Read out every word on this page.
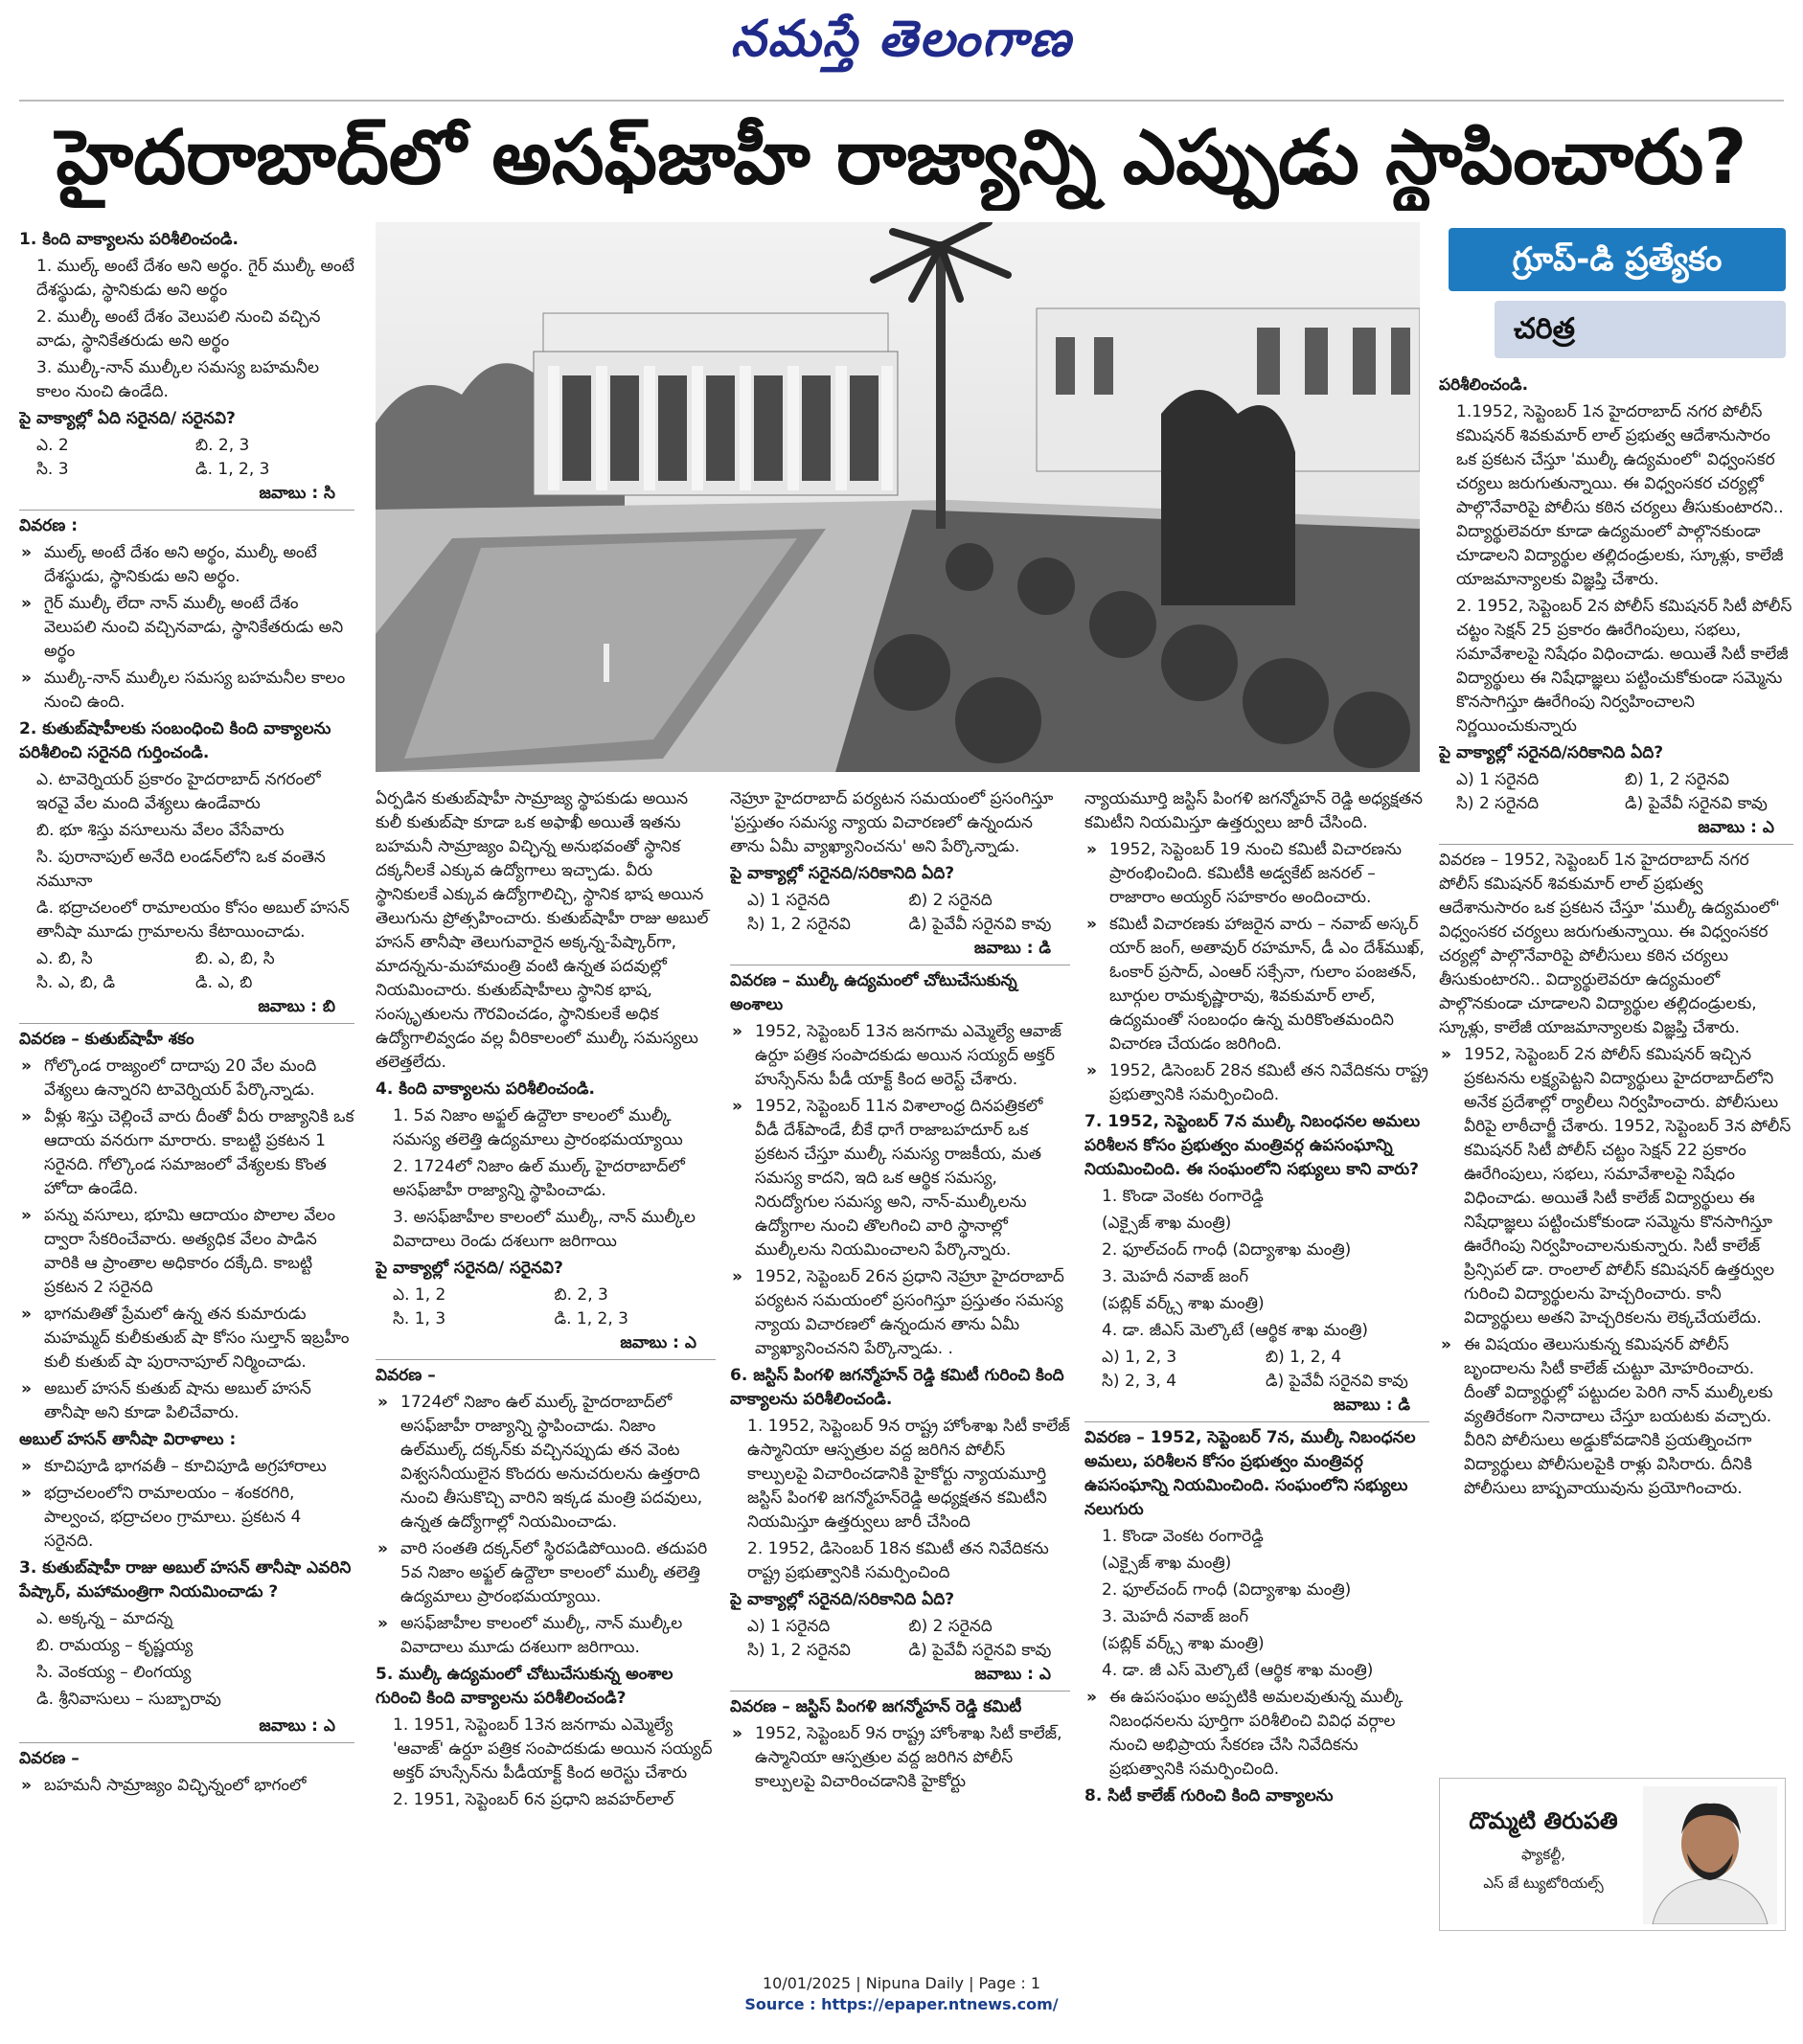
నమస్తే తెలంగాణ
హైదరాబాద్‌లో అసఫ్‌జాహీ రాజ్యాన్ని ఎప్పుడు స్థాపించారు?

1. కింది వాక్యాలను పరిశీలించండి.

1. ముల్క్ అంటే దేశం అని అర్థం. గైర్ ముల్కీ అంటే దేశస్థుడు, స్థానికుడు అని అర్థం

2. ముల్కీ అంటే దేశం వెలుపలి నుంచి వచ్చిన వాడు, స్థానికేతరుడు అని అర్థం

3. ముల్కీ-నాన్ ముల్కీల సమస్య బహమనీల కాలం నుంచి ఉండేది.

పై వాక్యాల్లో ఏది సరైనది/ సరైనవి?

ఎ. 2	బి. 2, 3
సి. 3	డి. 1, 2, 3

జవాబు : సి

వివరణ :

» ముల్క్ అంటే దేశం అని అర్థం, ముల్కీ అంటే దేశస్థుడు, స్థానికుడు అని అర్థం.

» గైర్ ముల్కీ లేదా నాన్ ముల్కీ అంటే దేశం వెలుపలి నుంచి వచ్చినవాడు, స్థానికేతరుడు అని అర్థం

» ముల్కీ-నాన్ ముల్కీల సమస్య బహమనీల కాలం నుంచి ఉంది.

2. కుతుబ్‌షాహీలకు సంబంధించి కింది వాక్యాలను పరిశీలించి సరైనది గుర్తించండి.

ఎ. టావెర్నియర్ ప్రకారం హైదరాబాద్ నగరంలో ఇరవై వేల మంది వేశ్యలు ఉండేవారు

బి. భూ శిస్తు వసూలును వేలం వేసేవారు

సి. పురానాపుల్ అనేది లండన్‌లోని ఒక వంతెన నమూనా

డి. భద్రాచలంలో రామాలయం కోసం అబుల్ హసన్ తానీషా మూడు గ్రామాలను కేటాయించాడు.

ఎ. బి, సి	బి. ఎ, బి, సి
సి. ఎ, బి, డి	డి. ఎ, బి

జవాబు : బి

వివరణ – కుతుబ్‌షాహీ శకం

» గోల్కొండ రాజ్యంలో దాదాపు 20 వేల మంది వేశ్యలు ఉన్నారని టావెర్నియర్ పేర్కొన్నాడు.

» వీళ్లు శిస్తు చెల్లించే వారు దీంతో వీరు రాజ్యానికి ఒక ఆదాయ వనరుగా మారారు. కాబట్టి ప్రకటన 1 సరైనది. గోల్కొండ సమాజంలో వేశ్యలకు కొంత హోదా ఉండేది.

» పన్ను వసూలు, భూమి ఆదాయం పొలాల వేలం ద్వారా సేకరించేవారు. అత్యధిక వేలం పాడిన వారికి ఆ ప్రాంతాల అధికారం దక్కేది. కాబట్టి ప్రకటన 2 సరైనది

» భాగమతితో ప్రేమలో ఉన్న తన కుమారుడు మహమ్మద్ కులీకుతుబ్ షా కోసం సుల్తాన్ ఇబ్రహీం కులీ కుతుబ్ షా పురానాపూల్ నిర్మించాడు.

» అబుల్ హసన్ కుతుబ్ షాను అబుల్ హసన్ తానీషా అని కూడా పిలిచేవారు.

అబుల్ హసన్ తానీషా విరాళాలు :

» కూచిపూడి భాగవతీ – కూచిపూడి అగ్రహారాలు

» భద్రాచలంలోని రామాలయం – శంకరగిరి, పాల్వంచ, భద్రాచలం గ్రామాలు. ప్రకటన 4 సరైనది.

3. కుతుబ్‌షాహీ రాజు అబుల్ హసన్ తానీషా ఎవరిని పేష్కార్, మహామంత్రిగా నియమించాడు ?

ఎ. అక్కన్న – మాదన్న

బి. రామయ్య – కృష్ణయ్య

సి. వెంకయ్య – లింగయ్య

డి. శ్రీనివాసులు – సుబ్బారావు

జవాబు : ఎ

వివరణ –

» బహమనీ సామ్రాజ్యం విచ్ఛిన్నంలో భాగంలో

ఏర్పడిన కుతుబ్‌షాహీ సామ్రాజ్య స్థాపకుడు అయిన కులీ కుతుబ్‌షా కూడా ఒక అఫాఖీ అయితే ఇతను బహమనీ సామ్రాజ్యం విచ్ఛిన్న అనుభవంతో స్థానిక దక్కనీలకే ఎక్కువ ఉద్యోగాలు ఇచ్చాడు. వీరు స్థానికులకే ఎక్కువ ఉద్యోగాలిచ్చి, స్థానిక భాష అయిన తెలుగును ప్రోత్సహించారు. కుతుబ్‌షాహీ రాజు అబుల్ హసన్ తానీషా తెలుగువారైన అక్కన్న-పేష్కార్‌గా, మాదన్నను-మహామంత్రి వంటి ఉన్నత పదవుల్లో నియమించారు. కుతుబ్‌షాహీలు స్థానిక భాష, సంస్కృతులను గౌరవించడం, స్థానికులకే అధిక ఉద్యోగాలివ్వడం వల్ల వీరికాలంలో ముల్కీ సమస్యలు తలెత్తలేదు.

4. కింది వాక్యాలను పరిశీలించండి.

1. 5వ నిజాం అఫ్జల్ ఉద్దౌలా కాలంలో ముల్కీ సమస్య తలెత్తి ఉద్యమాలు ప్రారంభమయ్యాయి

2. 1724లో నిజాం ఉల్ ముల్క్ హైదరాబాద్‌లో అసఫ్‌జాహీ రాజ్యాన్ని స్థాపించాడు.

3. అసఫ్‌జాహీల కాలంలో ముల్కీ, నాన్ ముల్కీల వివాదాలు రెండు దశలుగా జరిగాయి

పై వాక్యాల్లో సరైనది/ సరైనవి?

ఎ. 1, 2	బి. 2, 3
సి. 1, 3	డి. 1, 2, 3

జవాబు : ఎ

వివరణ –

» 1724లో నిజాం ఉల్ ముల్క్ హైదరాబాద్‌లో అసఫ్‌జాహీ రాజ్యాన్ని స్థాపించాడు. నిజాం ఉల్‌ముల్క్ దక్కన్‌కు వచ్చినప్పుడు తన వెంట విశ్వసనీయులైన కొందరు అనుచరులను ఉత్తరాది నుంచి తీసుకొచ్చి వారిని ఇక్కడ మంత్రి పదవులు, ఉన్నత ఉద్యోగాల్లో నియమించాడు.

» వారి సంతతి దక్కన్‌లో స్థిరపడిపోయింది. తదుపరి 5వ నిజాం అఫ్జల్ ఉద్దౌలా కాలంలో ముల్కీ తలెత్తి ఉద్యమాలు ప్రారంభమయ్యాయి.

» అసఫ్‌జాహీల కాలంలో ముల్కీ, నాన్ ముల్కీల వివాదాలు మూడు దశలుగా జరిగాయి.

5. ముల్కీ ఉద్యమంలో చోటుచేసుకున్న అంశాల గురించి కింది వాక్యాలను పరిశీలించండి?

1. 1951, సెప్టెంబర్ 13న జనగామ ఎమ్మెల్యే 'ఆవాజ్' ఉర్దూ పత్రిక సంపాదకుడు అయిన సయ్యద్ అక్తర్ హుస్సేన్‌ను పీడీయాక్ట్ కింద అరెస్టు చేశారు

2. 1951, సెప్టెంబర్ 6న ప్రధాని జవహర్‌లాల్

నెహ్రూ హైదరాబాద్ పర్యటన సమయంలో ప్రసంగిస్తూ 'ప్రస్తుతం సమస్య న్యాయ విచారణలో ఉన్నందున తాను ఏమీ వ్యాఖ్యానించను' అని పేర్కొన్నాడు.

పై వాక్యాల్లో సరైనది/సరికానిది ఏది?

ఎ) 1 సరైనది	బి) 2 సరైనది
సి) 1, 2 సరైనవి	డి) పైవేవీ సరైనవి కావు

జవాబు : డి

వివరణ – ముల్కీ ఉద్యమంలో చోటుచేసుకున్న అంశాలు

» 1952, సెప్టెంబర్ 13న జనగామ ఎమ్మెల్యే ఆవాజ్ ఉర్దూ పత్రిక సంపాదకుడు అయిన సయ్యద్ అక్తర్ హుస్సేన్‌ను పీడీ యాక్ట్ కింద అరెస్ట్ చేశారు.

» 1952, సెప్టెంబర్ 11న విశాలాంధ్ర దినపత్రికలో వీడీ దేశ్‌పాండే, బీకే ధాగే రాజాబహదూర్ ఒక ప్రకటన చేస్తూ ముల్కీ సమస్య రాజకీయ, మత సమస్య కాదని, ఇది ఒక ఆర్థిక సమస్య, నిరుద్యోగుల సమస్య అని, నాన్-ముల్కీలను ఉద్యోగాల నుంచి తొలగించి వారి స్థానాల్లో ముల్కీలను నియమించాలని పేర్కొన్నారు.

» 1952, సెప్టెంబర్ 26న ప్రధాని నెహ్రూ హైదరాబాద్ పర్యటన సమయంలో ప్రసంగిస్తూ ప్రస్తుతం సమస్య న్యాయ విచారణలో ఉన్నందున తాను ఏమీ వ్యాఖ్యానించనని పేర్కొన్నాడు. .

6. జస్టిస్ పింగళి జగన్మోహన్ రెడ్డి కమిటీ గురించి కింది వాక్యాలను పరిశీలించండి.

1. 1952, సెప్టెంబర్ 9న రాష్ట్ర హోంశాఖ సిటీ కాలేజ్ ఉస్మానియా ఆస్పత్రుల వద్ద జరిగిన పోలీస్ కాల్పులపై విచారించడానికి హైకోర్టు న్యాయమూర్తి జస్టిస్ పింగళి జగన్మోహన్‌రెడ్డి అధ్యక్షతన కమిటీని నియమిస్తూ ఉత్తర్వులు జారీ చేసింది

2. 1952, డిసెంబర్ 18న కమిటీ తన నివేదికను రాష్ట్ర ప్రభుత్వానికి సమర్పించింది

పై వాక్యాల్లో సరైనది/సరికానిది ఏది?

ఎ) 1 సరైనది	బి) 2 సరైనది
సి) 1, 2 సరైనవి	డి) పైవేవీ సరైనవి కావు

జవాబు : ఎ

వివరణ – జస్టిస్ పింగళి జగన్మోహన్ రెడ్డి కమిటీ

» 1952, సెప్టెంబర్ 9న రాష్ట్ర హోంశాఖ సిటీ కాలేజ్, ఉస్మానియా ఆస్పత్రుల వద్ద జరిగిన పోలీస్ కాల్పులపై విచారించడానికి హైకోర్టు

న్యాయమూర్తి జస్టిస్ పింగళి జగన్మోహన్ రెడ్డి అధ్యక్షతన కమిటీని నియమిస్తూ ఉత్తర్వులు జారీ చేసింది.

» 1952, సెప్టెంబర్ 19 నుంచి కమిటీ విచారణను ప్రారంభించింది. కమిటీకి అడ్వకేట్ జనరల్ – రాజారాం అయ్యర్ సహకారం అందించారు.

» కమిటీ విచారణకు హాజరైన వారు – నవాబ్ అస్కర్ యార్ జంగ్, అతావుర్ రహమాన్, డీ ఎం దేశ్‌ముఖ్, ఓంకార్ ప్రసాద్, ఎంఆర్ సక్సేనా, గులాం పంజతన్, బూర్గుల రామకృష్ణారావు, శివకుమార్ లాల్, ఉద్యమంతో సంబంధం ఉన్న మరికొంతమందిని విచారణ చేయడం జరిగింది.

» 1952, డిసెంబర్ 28న కమిటీ తన నివేదికను రాష్ట్ర ప్రభుత్వానికి సమర్పించింది.

7. 1952, సెప్టెంబర్ 7న ముల్కీ నిబంధనల అమలు పరిశీలన కోసం ప్రభుత్వం మంత్రివర్గ ఉపసంఘాన్ని నియమించింది. ఈ సంఘంలోని సభ్యులు కాని వారు?

1. కొండా వెంకట రంగారెడ్డి

(ఎక్సైజ్ శాఖ మంత్రి)

2. ఫూల్‌చంద్ గాంధీ (విద్యాశాఖ మంత్రి)

3. మెహదీ నవాజ్ జంగ్

(పబ్లిక్ వర్క్స్ శాఖ మంత్రి)

4. డా. జీఎస్ మెల్కొటే (ఆర్థిక శాఖ మంత్రి)

ఎ) 1, 2, 3	బి) 1, 2, 4
సి) 2, 3, 4	డి) పైవేవీ సరైనవి కావు

జవాబు : డి

వివరణ – 1952, సెప్టెంబర్ 7న, ముల్కీ నిబంధనల అమలు, పరిశీలన కోసం ప్రభుత్వం మంత్రివర్గ ఉపసంఘాన్ని నియమించింది. సంఘంలోని సభ్యులు నలుగురు

1. కొండా వెంకట రంగారెడ్డి

(ఎక్సైజ్ శాఖ మంత్రి)

2. ఫూల్‌చంద్ గాంధీ (విద్యాశాఖ మంత్రి)

3. మెహదీ నవాజ్ జంగ్

(పబ్లిక్ వర్క్స్ శాఖ మంత్రి)

4. డా. జీ ఎస్ మెల్కొటే (ఆర్థిక శాఖ మంత్రి)

» ఈ ఉపసంఘం అప్పటికి అమలవుతున్న ముల్కీ నిబంధనలను పూర్తిగా పరిశీలించి వివిధ వర్గాల నుంచి అభిప్రాయ సేకరణ చేసి నివేదికను ప్రభుత్వానికి సమర్పించింది.

8. సిటీ కాలేజ్ గురించి కింది వాక్యాలను

గ్రూప్-డి ప్రత్యేకం
చరిత్ర

పరిశీలించండి.

1.1952, సెప్టెంబర్ 1న హైదరాబాద్ నగర పోలీస్ కమిషనర్ శివకుమార్ లాల్ ప్రభుత్వ ఆదేశానుసారం ఒక ప్రకటన చేస్తూ 'ముల్కీ ఉద్యమంలో' విధ్వంసకర చర్యలు జరుగుతున్నాయి. ఈ విధ్వంసకర చర్యల్లో పాల్గొనేవారిపై పోలీసు కఠిన చర్యలు తీసుకుంటారని.. విద్యార్థులెవరూ కూడా ఉద్యమంలో పాల్గొనకుండా చూడాలని విద్యార్థుల తల్లిదండ్రులకు, స్కూళ్లు, కాలేజీ యాజమాన్యాలకు విజ్ఞప్తి చేశారు.

2. 1952, సెప్టెంబర్ 2న పోలీస్ కమిషనర్ సిటీ పోలీస్ చట్టం సెక్షన్ 25 ప్రకారం ఊరేగింపులు, సభలు, సమావేశాలపై నిషేధం విధించాడు. అయితే సిటీ కాలేజీ విద్యార్థులు ఈ నిషేధాజ్ఞలు పట్టించుకోకుండా సమ్మెను కొనసాగిస్తూ ఊరేగింపు నిర్వహించాలని నిర్ణయించుకున్నారు

పై వాక్యాల్లో సరైనది/సరికానిది ఏది?

ఎ) 1 సరైనది	బి) 1, 2 సరైనవి
సి) 2 సరైనది	డి) పైవేవీ సరైనవి కావు

జవాబు : ఎ

వివరణ – 1952, సెప్టెంబర్ 1న హైదరాబాద్ నగర పోలీస్ కమిషనర్ శివకుమార్ లాల్ ప్రభుత్వ ఆదేశానుసారం ఒక ప్రకటన చేస్తూ 'ముల్కీ ఉద్యమంలో' విధ్వంసకర చర్యలు జరుగుతున్నాయి. ఈ విధ్వంసకర చర్యల్లో పాల్గొనేవారిపై పోలీసులు కఠిన చర్యలు తీసుకుంటారని.. విద్యార్థులెవరూ ఉద్యమంలో పాల్గొనకుండా చూడాలని విద్యార్థుల తల్లిదండ్రులకు, స్కూళ్లు, కాలేజీ యాజమాన్యాలకు విజ్ఞప్తి చేశారు.

» 1952, సెప్టెంబర్ 2న పోలీస్ కమిషనర్ ఇచ్చిన ప్రకటనను లక్ష్యపెట్టని విద్యార్థులు హైదరాబాద్‌లోని అనేక ప్రదేశాల్లో ర్యాలీలు నిర్వహించారు. పోలీసులు వీరిపై లాఠీచార్జీ చేశారు. 1952, సెప్టెంబర్ 3న పోలీస్ కమిషనర్ సిటీ పోలీస్ చట్టం సెక్షన్ 22 ప్రకారం ఊరేగింపులు, సభలు, సమావేశాలపై నిషేధం విధించాడు. అయితే సిటీ కాలేజ్ విద్యార్థులు ఈ నిషేధాజ్ఞలు పట్టించుకోకుండా సమ్మెను కొనసాగిస్తూ ఊరేగింపు నిర్వహించాలనుకున్నారు. సిటీ కాలేజ్ ప్రిన్సిపల్ డా. రాంలాల్ పోలీస్ కమిషనర్ ఉత్తర్వుల గురించి విద్యార్థులను హెచ్చరించారు. కానీ విద్యార్థులు అతని హెచ్చరికలను లెక్కచేయలేదు.

» ఈ విషయం తెలుసుకున్న కమిషనర్ పోలీస్ బృందాలను సిటీ కాలేజ్ చుట్టూ మోహరించారు. దీంతో విద్యార్థుల్లో పట్టుదల పెరిగి నాన్ ముల్కీలకు వ్యతిరేకంగా నినాదాలు చేస్తూ బయటకు వచ్చారు. వీరిని పోలీసులు అడ్డుకోవడానికి ప్రయత్నించగా విద్యార్థులు పోలీసులపైకి రాళ్లు విసిరారు. దీనికి పోలీసులు బాష్పవాయువును ప్రయోగించారు.

దొమ్మటి తిరుపతి
ఫ్యాకల్టీ,
ఎస్ జే ట్యుటోరియల్స్
10/01/2025 | Nipuna Daily | Page : 1
Source : https://epaper.ntnews.com/
